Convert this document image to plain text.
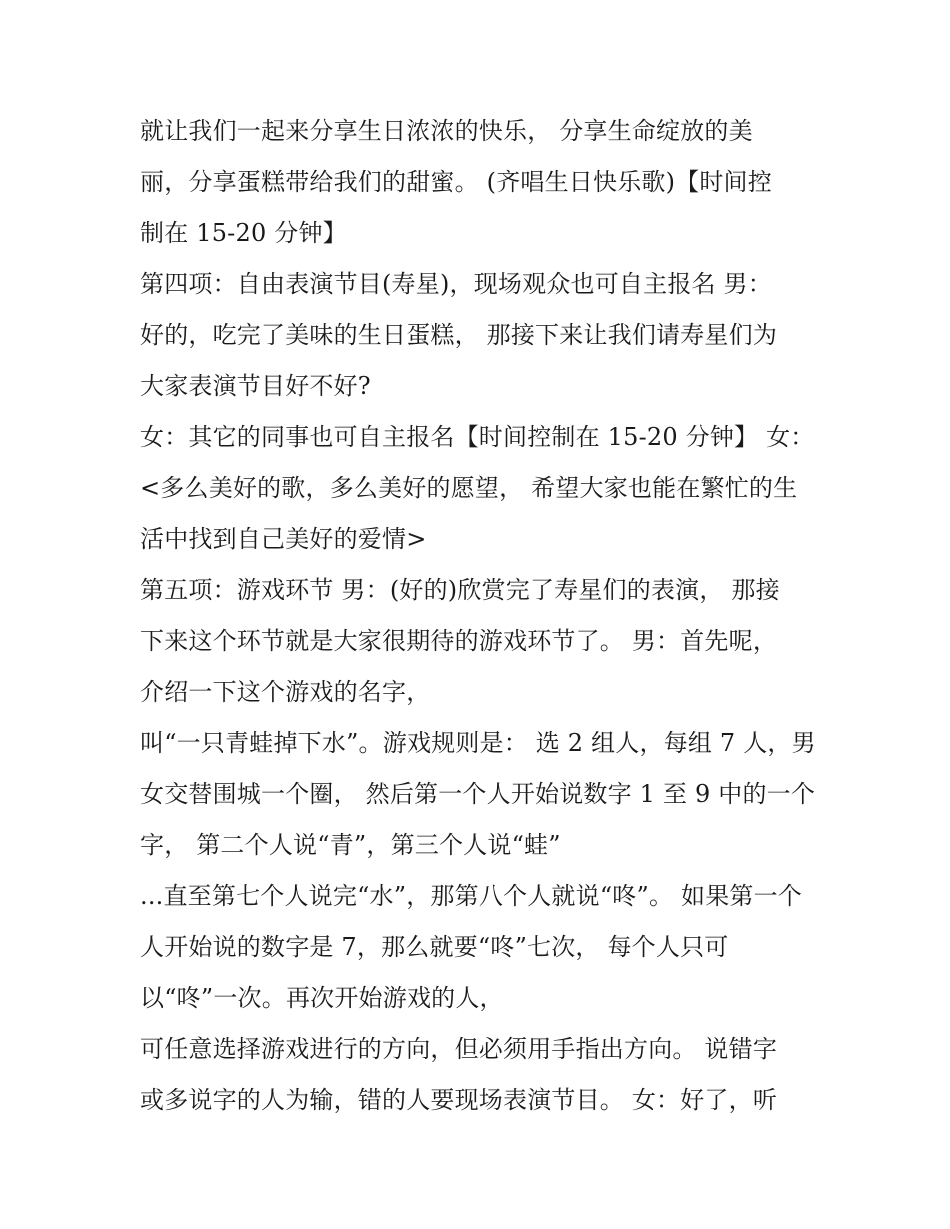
就让我们一起来分享生日浓浓的快乐， 分享生命绽放的美
丽，分享蛋糕带给我们的甜蜜。 (齐唱生日快乐歌)【时间控
制在 15-20 分钟】
第四项：自由表演节目(寿星)，现场观众也可自主报名 男：
好的，吃完了美味的生日蛋糕， 那接下来让我们请寿星们为
大家表演节目好不好?
女：其它的同事也可自主报名【时间控制在 15-20 分钟】 女：
<多么美好的歌，多么美好的愿望， 希望大家也能在繁忙的生
活中找到自己美好的爱情>
第五项：游戏环节 男：(好的)欣赏完了寿星们的表演， 那接
下来这个环节就是大家很期待的游戏环节了。 男：首先呢，
介绍一下这个游戏的名字，
叫“一只青蛙掉下水”。游戏规则是： 选 2 组人，每组 7 人，男
女交替围城一个圈， 然后第一个人开始说数字 1 至 9 中的一个
字， 第二个人说“青”，第三个人说“蛙”
...直至第七个人说完“水”，那第八个人就说“咚”。 如果第一个
人开始说的数字是 7，那么就要“咚”七次， 每个人只可
以“咚”一次。再次开始游戏的人，
可任意选择游戏进行的方向，但必须用手指出方向。 说错字
或多说字的人为输，错的人要现场表演节目。 女：好了，听
